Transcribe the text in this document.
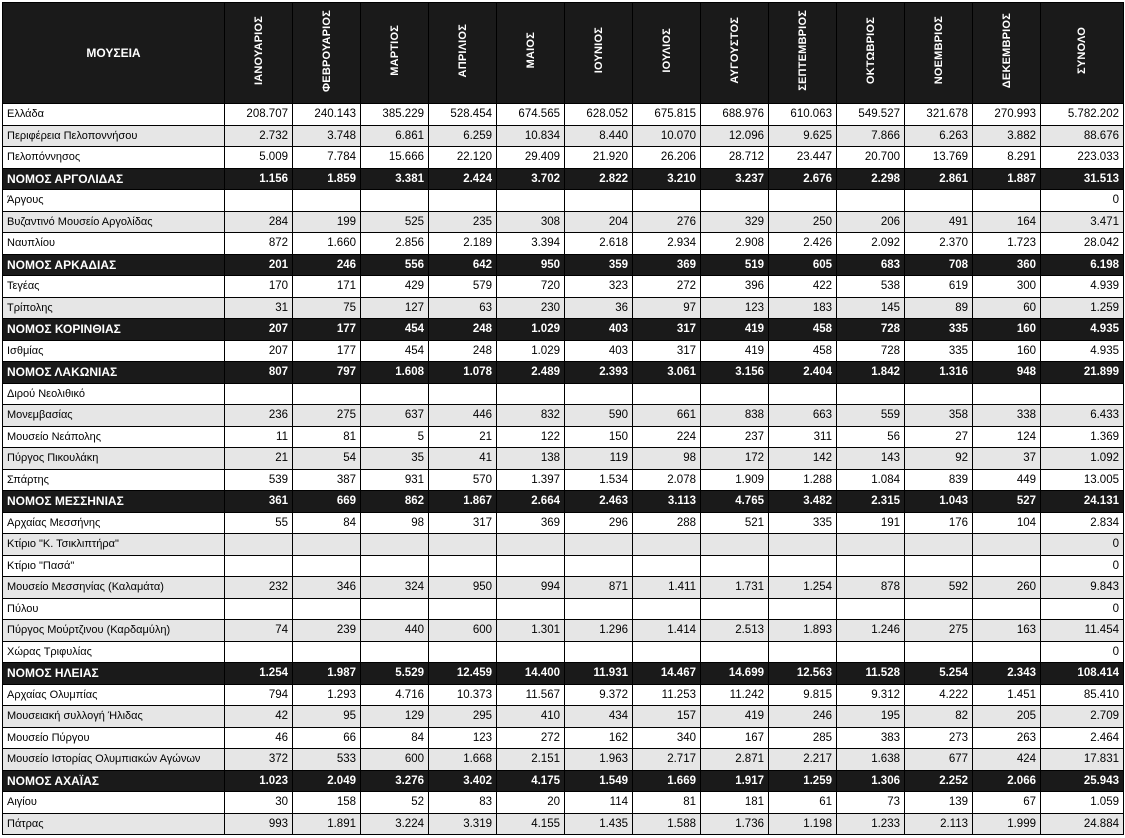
ΜΟΥΣΕΙΑ	ΙΑΝΟΥΑΡΙΟΣ	ΦΕΒΡΟΥΑΡΙΟΣ	ΜΑΡΤΙΟΣ	ΑΠΡΙΛΙΟΣ	ΜΑΙΟΣ	ΙΟΥΝΙΟΣ	ΙΟΥΛΙΟΣ	ΑΥΓΟΥΣΤΟΣ	ΣΕΠΤΕΜΒΡΙΟΣ	ΟΚΤΩΒΡΙΟΣ	ΝΟΕΜΒΡΙΟΣ	ΔΕΚΕΜΒΡΙΟΣ	ΣΥΝΟΛΟ
Ελλάδα	208.707	240.143	385.229	528.454	674.565	628.052	675.815	688.976	610.063	549.527	321.678	270.993	5.782.202
Περιφέρεια Πελοποννήσου	2.732	3.748	6.861	6.259	10.834	8.440	10.070	12.096	9.625	7.866	6.263	3.882	88.676
Πελοπόννησος	5.009	7.784	15.666	22.120	29.409	21.920	26.206	28.712	23.447	20.700	13.769	8.291	223.033
ΝΟΜΟΣ ΑΡΓΟΛΙΔΑΣ	1.156	1.859	3.381	2.424	3.702	2.822	3.210	3.237	2.676	2.298	2.861	1.887	31.513
Άργους													0
Βυζαντινό Μουσείο Αργολίδας	284	199	525	235	308	204	276	329	250	206	491	164	3.471
Ναυπλίου	872	1.660	2.856	2.189	3.394	2.618	2.934	2.908	2.426	2.092	2.370	1.723	28.042
ΝΟΜΟΣ ΑΡΚΑΔΙΑΣ	201	246	556	642	950	359	369	519	605	683	708	360	6.198
Τεγέας	170	171	429	579	720	323	272	396	422	538	619	300	4.939
Τρίπολης	31	75	127	63	230	36	97	123	183	145	89	60	1.259
ΝΟΜΟΣ ΚΟΡΙΝΘΙΑΣ	207	177	454	248	1.029	403	317	419	458	728	335	160	4.935
Ισθμίας	207	177	454	248	1.029	403	317	419	458	728	335	160	4.935
ΝΟΜΟΣ ΛΑΚΩΝΙΑΣ	807	797	1.608	1.078	2.489	2.393	3.061	3.156	2.404	1.842	1.316	948	21.899
Διρού Νεολιθικό													
Μονεμβασίας	236	275	637	446	832	590	661	838	663	559	358	338	6.433
Μουσείο Νεάπολης	11	81	5	21	122	150	224	237	311	56	27	124	1.369
Πύργος Πικουλάκη	21	54	35	41	138	119	98	172	142	143	92	37	1.092
Σπάρτης	539	387	931	570	1.397	1.534	2.078	1.909	1.288	1.084	839	449	13.005
ΝΟΜΟΣ ΜΕΣΣΗΝΙΑΣ	361	669	862	1.867	2.664	2.463	3.113	4.765	3.482	2.315	1.043	527	24.131
Αρχαίας Μεσσήνης	55	84	98	317	369	296	288	521	335	191	176	104	2.834
Κτίριο "Κ. Τσικλιπτήρα"													0
Κτίριο "Πασά"													0
Μουσείο Μεσσηνίας (Καλαμάτα)	232	346	324	950	994	871	1.411	1.731	1.254	878	592	260	9.843
Πύλου													0
Πύργος Μούρτζινου (Καρδαμύλη)	74	239	440	600	1.301	1.296	1.414	2.513	1.893	1.246	275	163	11.454
Χώρας Τριφυλίας													0
ΝΟΜΟΣ ΗΛΕΙΑΣ	1.254	1.987	5.529	12.459	14.400	11.931	14.467	14.699	12.563	11.528	5.254	2.343	108.414
Αρχαίας Ολυμπίας	794	1.293	4.716	10.373	11.567	9.372	11.253	11.242	9.815	9.312	4.222	1.451	85.410
Μουσειακή συλλογή Ήλιδας	42	95	129	295	410	434	157	419	246	195	82	205	2.709
Μουσείο Πύργου	46	66	84	123	272	162	340	167	285	383	273	263	2.464
Μουσείο Ιστορίας Ολυμπιακών Αγώνων	372	533	600	1.668	2.151	1.963	2.717	2.871	2.217	1.638	677	424	17.831
ΝΟΜΟΣ ΑΧΑΪΑΣ	1.023	2.049	3.276	3.402	4.175	1.549	1.669	1.917	1.259	1.306	2.252	2.066	25.943
Αιγίου	30	158	52	83	20	114	81	181	61	73	139	67	1.059
Πάτρας	993	1.891	3.224	3.319	4.155	1.435	1.588	1.736	1.198	1.233	2.113	1.999	24.884
